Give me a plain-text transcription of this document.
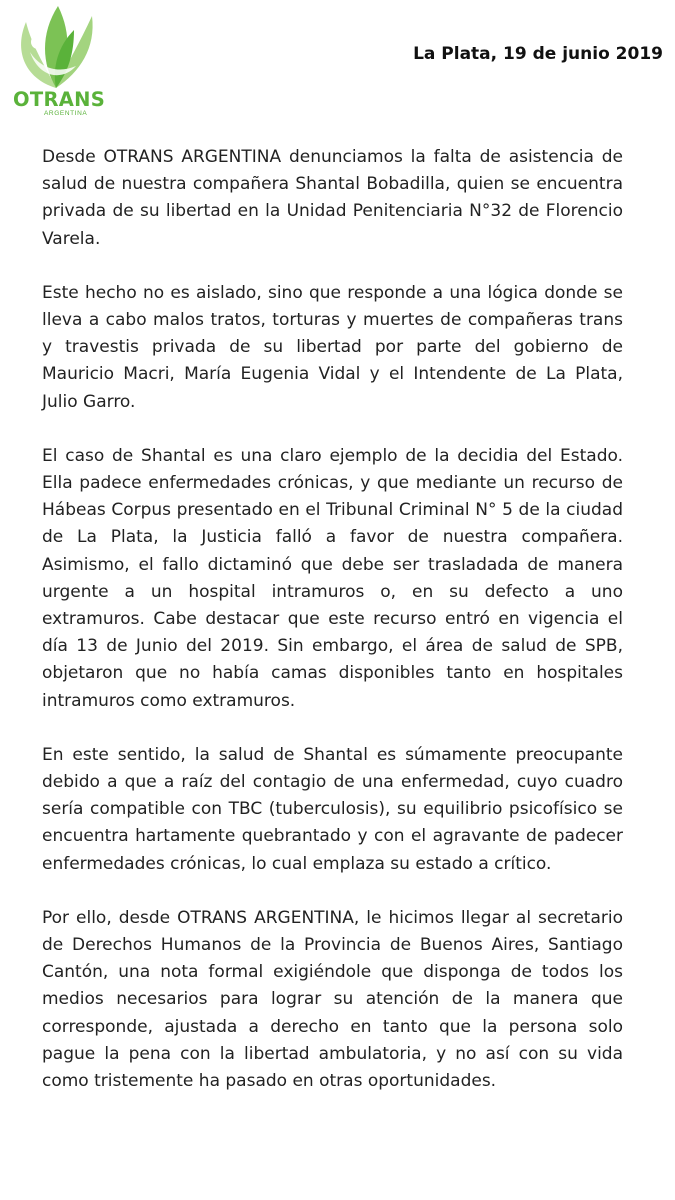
OTRANS
ARGENTINA
La Plata, 19 de junio 2019

Desde OTRANS ARGENTINA denunciamos la falta de asistencia de salud de nuestra compañera Shantal Bobadilla, quien se encuentra privada de su libertad en la Unidad Penitenciaria N°32 de Florencio Varela.

Este hecho no es aislado, sino que responde a una lógica donde se lleva a cabo malos tratos, torturas y muertes de compañeras trans y travestis privada de su libertad por parte del gobierno de Mauricio Macri, María Eugenia Vidal y el Intendente de La Plata, Julio Garro.

El caso de Shantal es una claro ejemplo de la decidia del Estado. Ella padece enfermedades crónicas, y que mediante un recurso de Hábeas Corpus presentado en el Tribunal Criminal N° 5 de la ciudad de La Plata, la Justicia falló a favor de nuestra compañera. Asimismo, el fallo dictaminó que debe ser trasladada de manera urgente a un hospital intramuros o, en su defecto a uno extramuros. Cabe destacar que este recurso entró en vigencia el día 13 de Junio del 2019. Sin embargo, el área de salud de SPB, objetaron que no había camas disponibles tanto en hospitales intramuros como extramuros.

En este sentido, la salud de Shantal es súmamente preocupante debido a que a raíz del contagio de una enfermedad, cuyo cuadro sería compatible con TBC (tuberculosis), su equilibrio psicofísico se encuentra hartamente quebrantado y con el agravante de padecer enfermedades crónicas, lo cual emplaza su estado a crítico.

Por ello, desde OTRANS ARGENTINA, le hicimos llegar al secretario de Derechos Humanos de la Provincia de Buenos Aires, Santiago Cantón, una nota formal exigiéndole que disponga de todos los medios necesarios para lograr su atención de la manera que corresponde, ajustada a derecho en tanto que la persona solo pague la pena con la libertad ambulatoria, y no así con su vida como tristemente ha pasado en otras oportunidades.
